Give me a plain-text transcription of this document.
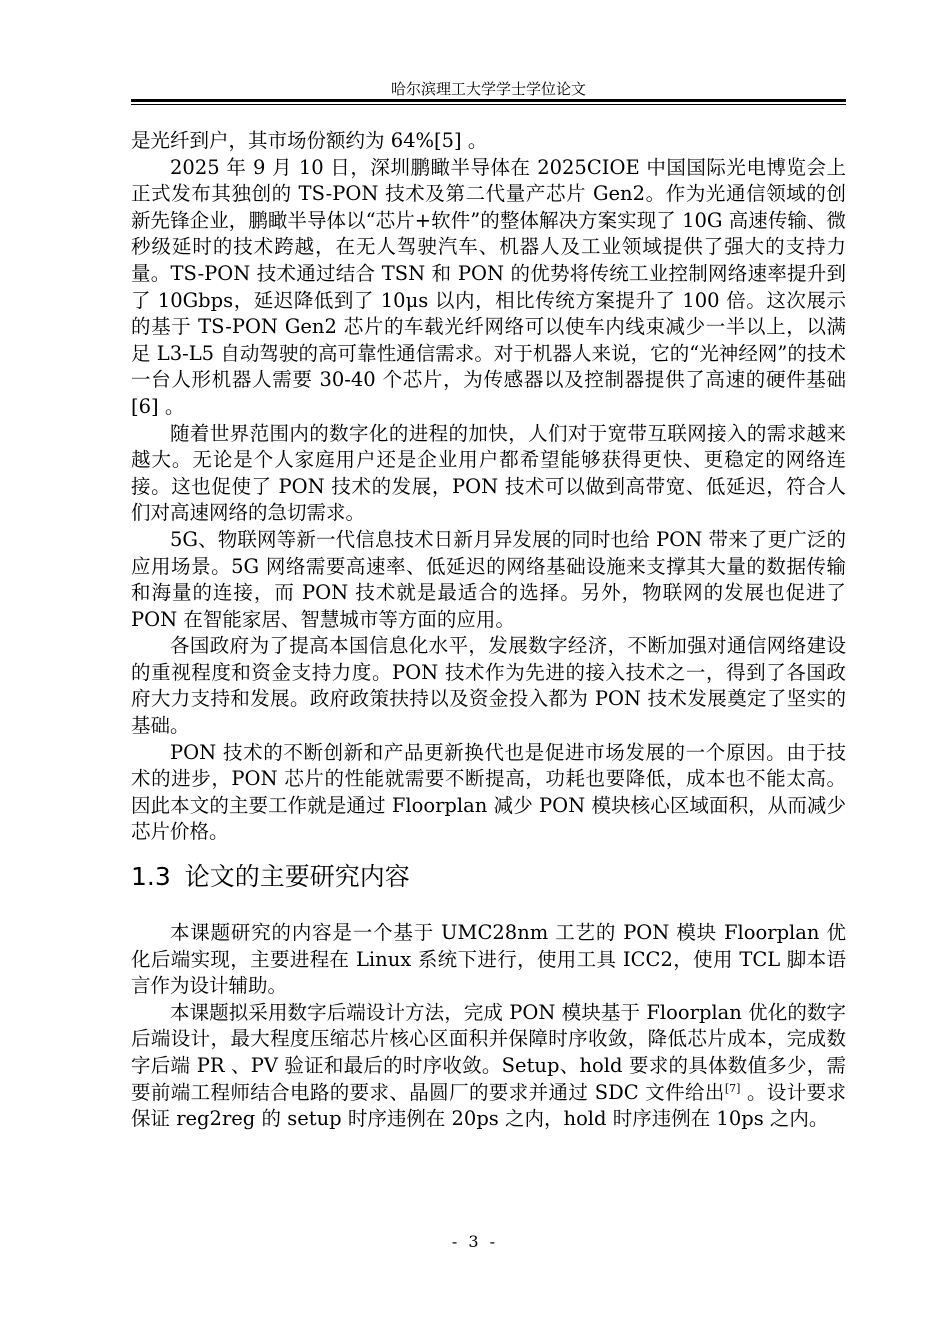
哈尔滨理工大学学士学位论文

是光纤到户，其市场份额约为 64%[5] 。

2025 年 9 月 10 日，深圳鹏瞰半导体在 2025CIOE 中国国际光电博览会上正式发布其独创的 TS-PON 技术及第二代量产芯片 Gen2。作为光通信领域的创新先锋企业，鹏瞰半导体以“芯片+软件”的整体解决方案实现了 10G 高速传输、微秒级延时的技术跨越，在无人驾驶汽车、机器人及工业领域提供了强大的支持力量。TS-PON 技术通过结合 TSN 和 PON 的优势将传统工业控制网络速率提升到了 10Gbps，延迟降低到了 10μs 以内，相比传统方案提升了 100 倍。这次展示的基于 TS-PON Gen2 芯片的车载光纤网络可以使车内线束减少一半以上，以满足 L3-L5 自动驾驶的高可靠性通信需求。对于机器人来说，它的“光神经网”的技术一台人形机器人需要 30-40 个芯片，为传感器以及控制器提供了高速的硬件基础[6] 。

随着世界范围内的数字化的进程的加快，人们对于宽带互联网接入的需求越来越大。无论是个人家庭用户还是企业用户都希望能够获得更快、更稳定的网络连接。这也促使了 PON 技术的发展，PON 技术可以做到高带宽、低延迟，符合人们对高速网络的急切需求。

5G、物联网等新一代信息技术日新月异发展的同时也给 PON 带来了更广泛的应用场景。5G 网络需要高速率、低延迟的网络基础设施来支撑其大量的数据传输和海量的连接，而 PON 技术就是最适合的选择。另外，物联网的发展也促进了 PON 在智能家居、智慧城市等方面的应用。

各国政府为了提高本国信息化水平，发展数字经济，不断加强对通信网络建设的重视程度和资金支持力度。PON 技术作为先进的接入技术之一，得到了各国政府大力支持和发展。政府政策扶持以及资金投入都为 PON 技术发展奠定了坚实的基础。

PON 技术的不断创新和产品更新换代也是促进市场发展的一个原因。由于技术的进步，PON 芯片的性能就需要不断提高，功耗也要降低，成本也不能太高。因此本文的主要工作就是通过 Floorplan 减少 PON 模块核心区域面积，从而减少芯片价格。

1.3 论文的主要研究内容

本课题研究的内容是一个基于 UMC28nm 工艺的 PON 模块 Floorplan 优化后端实现，主要进程在 Linux 系统下进行，使用工具 ICC2，使用 TCL 脚本语言作为设计辅助。

本课题拟采用数字后端设计方法，完成 PON 模块基于 Floorplan 优化的数字后端设计，最大程度压缩芯片核心区面积并保障时序收敛，降低芯片成本，完成数字后端 PR 、PV 验证和最后的时序收敛。Setup、hold 要求的具体数值多少，需要前端工程师结合电路的要求、晶圆厂的要求并通过 SDC 文件给出[7] 。设计要求保证 reg2reg 的 setup 时序违例在 20ps 之内，hold 时序违例在 10ps 之内。

- 3 -
